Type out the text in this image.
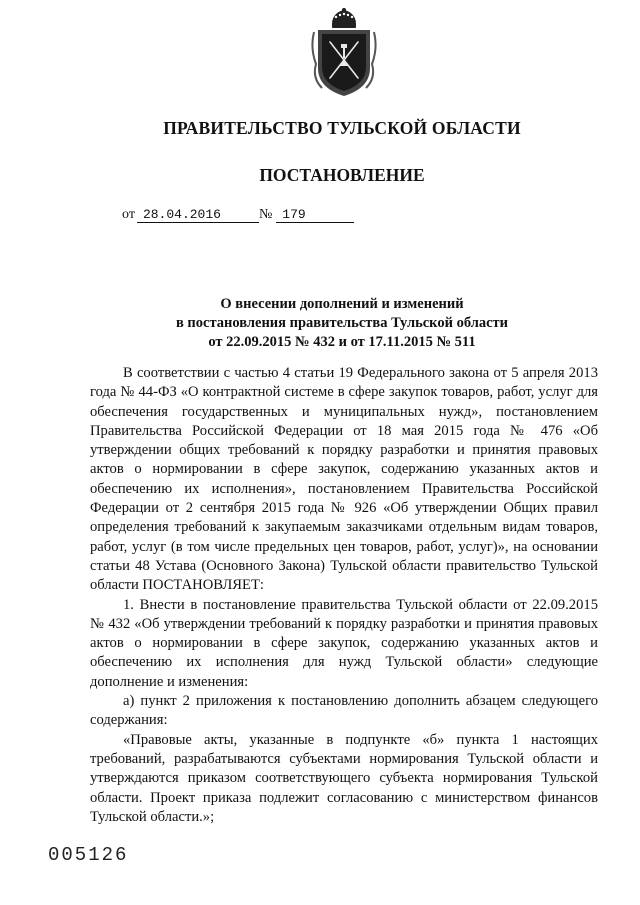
ПРАВИТЕЛЬСТВО ТУЛЬСКОЙ ОБЛАСТИ
ПОСТАНОВЛЕНИЕ
от 28.04.2016	№ 179
О внесении дополнений и изменений
в постановления правительства Тульской области
от 22.09.2015 № 432 и от 17.11.2015 № 511

В соответствии с частью 4 статьи 19 Федерального закона от 5 апреля 2013 года № 44-ФЗ «О контрактной системе в сфере закупок товаров, работ, услуг для обеспечения государственных и муниципальных нужд», постановлением Правительства Российской Федерации от 18 мая 2015 года № 476 «Об утверждении общих требований к порядку разработки и принятия правовых актов о нормировании в сфере закупок, содержанию указанных актов и обеспечению их исполнения», постановлением Правительства Российской Федерации от 2 сентября 2015 года № 926 «Об утверждении Общих правил определения требований к закупаемым заказчиками отдельным видам товаров, работ, услуг (в том числе предельных цен товаров, работ, услуг)», на основании статьи 48 Устава (Основного Закона) Тульской области правительство Тульской области ПОСТАНОВЛЯЕТ:

1. Внести в постановление правительства Тульской области от 22.09.2015 № 432 «Об утверждении требований к порядку разработки и принятия правовых актов о нормировании в сфере закупок, содержанию указанных актов и обеспечению их исполнения для нужд Тульской области» следующие дополнение и изменения:

а) пункт 2 приложения к постановлению дополнить абзацем следующего содержания:

«Правовые акты, указанные в подпункте «б» пункта 1 настоящих требований, разрабатываются субъектами нормирования Тульской области и утверждаются приказом соответствующего субъекта нормирования Тульской области. Проект приказа подлежит согласованию с министерством финансов Тульской области.»;

005126
